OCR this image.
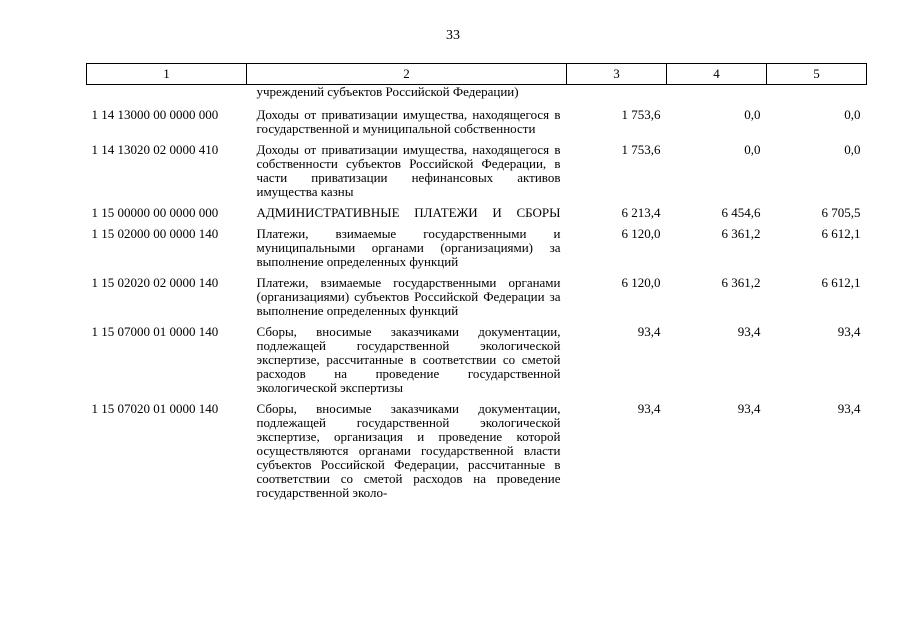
33
1	2	3	4	5
	учреждений субъектов Российской Федерации)			
1 14 13000 00 0000 000	Доходы от приватизации имущества, находящегося в государственной и муниципальной собственности	1 753,6	0,0	0,0
1 14 13020 02 0000 410	Доходы от приватизации имущества, находящегося в собственности субъектов Российской Федерации, в части приватизации нефинансовых активов имущества казны	1 753,6	0,0	0,0
1 15 00000 00 0000 000	АДМИНИСТРАТИВНЫЕ ПЛАТЕЖИ И СБОРЫ	6 213,4	6 454,6	6 705,5
1 15 02000 00 0000 140	Платежи, взимаемые государственными и муниципальными органами (организациями) за выполнение определенных функций	6 120,0	6 361,2	6 612,1
1 15 02020 02 0000 140	Платежи, взимаемые государственными органами (организациями) субъектов Российской Федерации за выполнение определенных функций	6 120,0	6 361,2	6 612,1
1 15 07000 01 0000 140	Сборы, вносимые заказчиками документации, подлежащей государственной экологической экспертизе, рассчитанные в соответствии со сметой расходов на проведение государственной экологической экспертизы	93,4	93,4	93,4
1 15 07020 01 0000 140	Сборы, вносимые заказчиками документации, подлежащей государственной экологической экспертизе, организация и проведение которой осуществляются органами государственной власти субъектов Российской Федерации, рассчитанные в соответствии со сметой расходов на проведение государственной эколо-	93,4	93,4	93,4
